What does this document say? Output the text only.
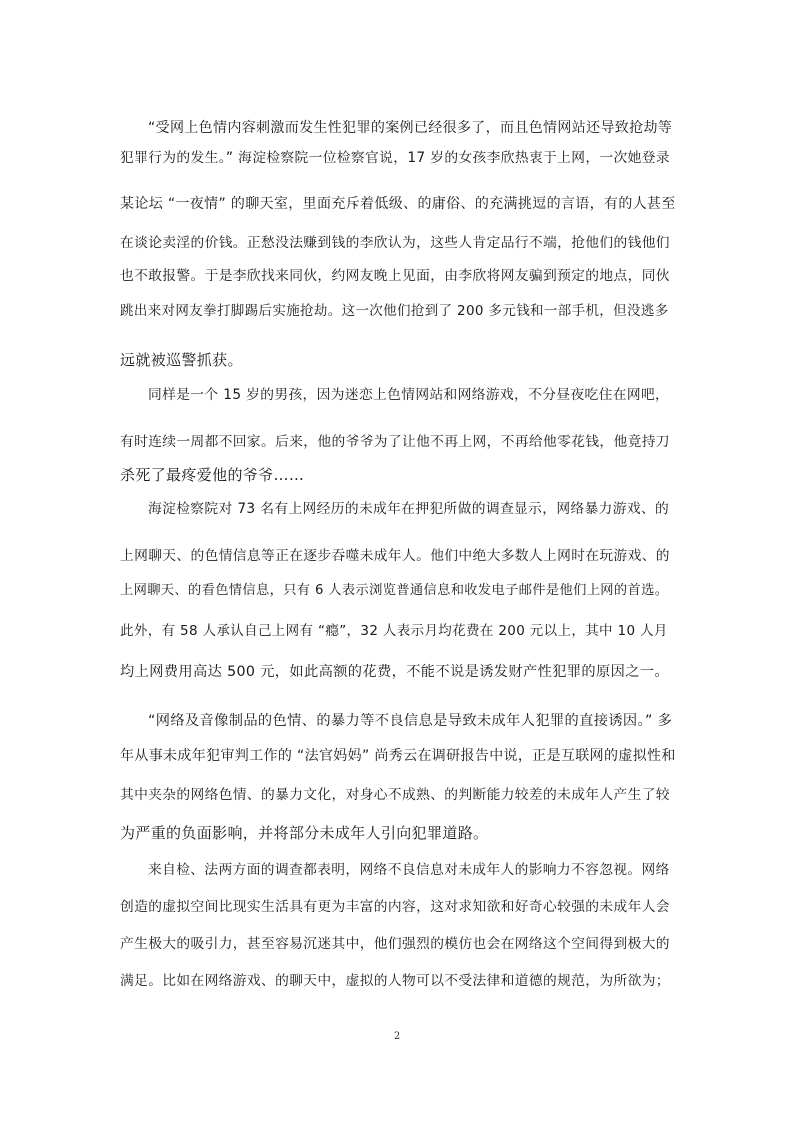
“受网上色情内容刺激而发生性犯罪的案例已经很多了，而且色情网站还导致抢劫等
犯罪行为的发生。” 海淀检察院一位检察官说，17 岁的女孩李欣热衷于上网，一次她登录
某论坛 “一夜情” 的聊天室，里面充斥着低级、的庸俗、的充满挑逗的言语，有的人甚至
在谈论卖淫的价钱。正愁没法赚到钱的李欣认为，这些人肯定品行不端，抢他们的钱他们
也不敢报警。于是李欣找来同伙，约网友晚上见面，由李欣将网友骗到预定的地点，同伙
跳出来对网友拳打脚踢后实施抢劫。这一次他们抢到了 200 多元钱和一部手机，但没逃多
远就被巡警抓获。
同样是一个 15 岁的男孩，因为迷恋上色情网站和网络游戏，不分昼夜吃住在网吧，
有时连续一周都不回家。后来，他的爷爷为了让他不再上网，不再给他零花钱，他竟持刀
杀死了最疼爱他的爷爷……
海淀检察院对 73 名有上网经历的未成年在押犯所做的调查显示，网络暴力游戏、的
上网聊天、的色情信息等正在逐步吞噬未成年人。他们中绝大多数人上网时在玩游戏、的
上网聊天、的看色情信息，只有 6 人表示浏览普通信息和收发电子邮件是他们上网的首选。
此外，有 58 人承认自己上网有 “瘾”，32 人表示月均花费在 200 元以上，其中 10 人月
均上网费用高达 500 元，如此高额的花费，不能不说是诱发财产性犯罪的原因之一。
“网络及音像制品的色情、的暴力等不良信息是导致未成年人犯罪的直接诱因。” 多
年从事未成年犯审判工作的 “法官妈妈” 尚秀云在调研报告中说，正是互联网的虚拟性和
其中夹杂的网络色情、的暴力文化，对身心不成熟、的判断能力较差的未成年人产生了较
为严重的负面影响，并将部分未成年人引向犯罪道路。
来自检、法两方面的调查都表明，网络不良信息对未成年人的影响力不容忽视。网络
创造的虚拟空间比现实生活具有更为丰富的内容，这对求知欲和好奇心较强的未成年人会
产生极大的吸引力，甚至容易沉迷其中，他们强烈的模仿也会在网络这个空间得到极大的
满足。比如在网络游戏、的聊天中，虚拟的人物可以不受法律和道德的规范，为所欲为；
2
